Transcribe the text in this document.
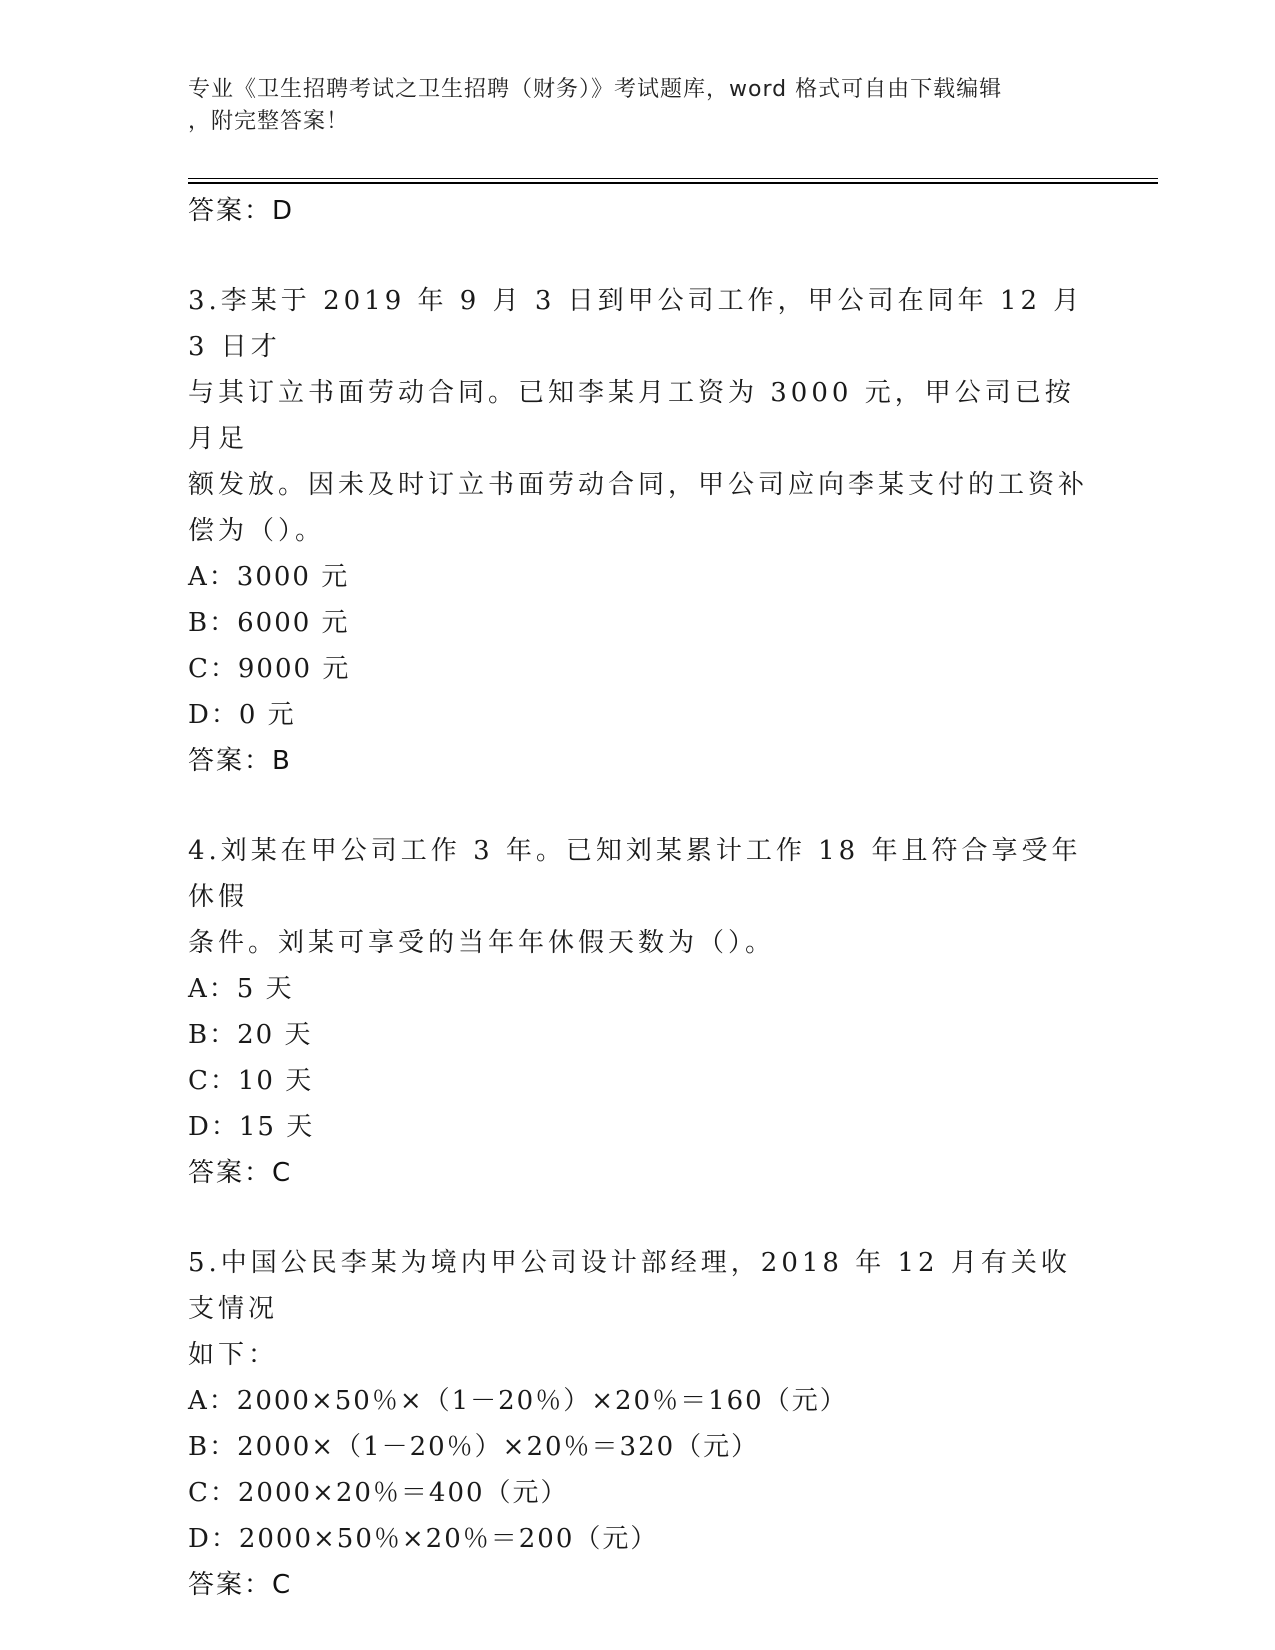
专业《卫生招聘考试之卫生招聘（财务）》考试题库，word 格式可自由下载编辑
，附完整答案！
答案：D
3.李某于 2019 年 9 月 3 日到甲公司工作，甲公司在同年 12 月 3 日才
与其订立书面劳动合同。已知李某月工资为 3000 元，甲公司已按月足
额发放。因未及时订立书面劳动合同，甲公司应向李某支付的工资补
偿为（）。
A：3000 元
B：6000 元
C：9000 元
D：0 元
答案：B
4.刘某在甲公司工作 3 年。已知刘某累计工作 18 年且符合享受年休假
条件。刘某可享受的当年年休假天数为（）。
A：5 天
B：20 天
C：10 天
D：15 天
答案：C
5.中国公民李某为境内甲公司设计部经理，2018 年 12 月有关收支情况
如下：
A：2000×50％×（1－20％）×20％＝160（元）
B：2000×（1－20％）×20％＝320（元）
C：2000×20％＝400（元）
D：2000×50％×20％＝200（元）
答案：C
